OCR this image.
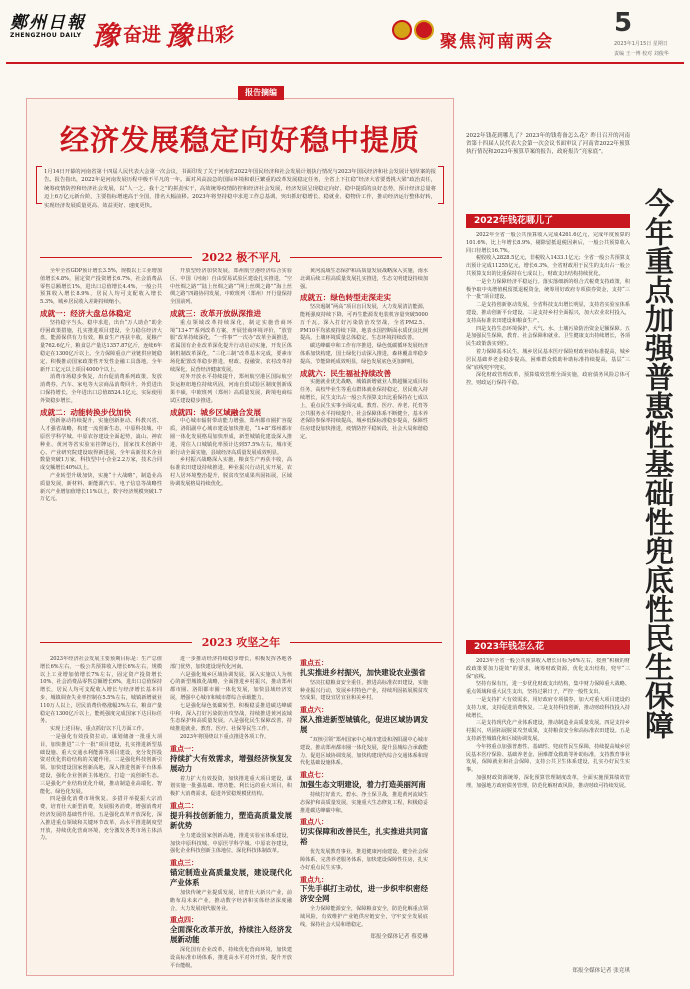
鄭州日報
ZHENGZHOU DAILY 豫 奋进 豫 出彩	聚焦河南两会
5
2023年1月15日 星期日
责编 王一博 校对 刘俊华
报告摘编
经济发展稳定向好稳中提质
1月14日开幕的河南省第十四届人民代表大会第一次会议，书面印发了关于河南省2022年国民经济和社会发展计划执行情况与2023年国民经济和社会发展计划草案的报告。报告指出，2022年是河南发展历程中极不平凡的一年。面对风高浪急的国际环境和艰巨繁重的改革发展稳定任务，全省上下扛稳“经济大省要勇挑大梁”政治责任，统筹疫情防控和经济社会发展，以“人一之、我十之”的拼劲实干，高效统筹疫情防控和经济社会发展，经济发展呈现稳定向好、稳中提质的良好态势，预计经济总量将迈上6万亿元新台阶，主要指标增速高于全国，排名大幅前移。2023年将坚持稳中求进工作总基调，突出抓好稳增长、稳就业、稳物价工作，推动经济运行整体好转，实现经济发展质量更高、效益更好、速度更快。
2022 极不平凡
全年全省GDP预计增长3.5%，规模以上工业增加值增长4.8%，固定资产投资增长6.7%，社会消费品零售总额增长1%，进出口总值增长4.4%，一般公共预算收入增长8.9%，居民人均可支配收入增长5.3%，城乡居民收入差距持续缩小。
成就一：经济大盘总体稳定
坚持稳字当头、稳中求进，出台“万人助企”助企纾困政策措施，扎实推进项目建设，全力稳住经济大盘。能源保供有力有效，粮食生产再获丰收，夏粮产量762.6亿斤，粮食总产量达1357.87亿斤，连续6年稳定在1300亿斤以上。全力保障重点产业链供应链稳定，积极推动国家政策性开发性金融工具落地，全年新开工亿元以上项目4000个以上。
消费市场稳步恢复，出台促消费系列政策，发放消费券，汽车、家电等大宗商品消费回升。外贸进出口保持增长，全年进出口总值8524.1亿元，实际使用外资稳步增长。
成就二：动能转换步伐加快
创新驱动持续提升，实施创新驱动、科教兴省、人才强省战略，构建一流创新生态，中原科技城、中原医学科学城、中原农谷建设全面起势，嵩山、神农种业、黄河等省实验室挂牌运行，国家技术创新中心、产业研究院建设取得新进展，全年高新技术企业数量突破1万家，科技型中小企业2.2万家，技术合同成交额增长40%以上。
产业转型升级加快，实施“十大战略”，制造业高质量发展，新材料、新能源汽车、电子信息等战略性新兴产业增加值增长11%以上，数字经济规模突破1.7万亿元。
开放型经济加快发展，郑州航空港经济综合实验区、中国（河南）自由贸易试验区建设扎实推进，“空中丝绸之路”“陆上丝绸之路”“网上丝绸之路”“海上丝绸之路”四路协同发展，中欧班列（郑州）开行量保持全国前列。
成就三：改革开放纵深推进
重点领域改革持续深化，制定实施营商环境“13+7”系列改革方案，开展营商环境评价，“放管服”改革持续深化，“一件事”“一次办”改革全面推进，省属国有企业改革深化提升行动启动实施，开发区体制机制改革深化，“三化三制”改革基本完成，要素市场化配置改革稳步推进，财政、投融资、农村改革持续深化，民营经济健康发展。
对外开放水平持续提升，郑州航空港区国际航空货运枢纽地位持续巩固，河南自贸试验区制度创新成果丰硕，中欧班列（郑州）高质量发展，跨境电商综试区建设稳步推进。
成就四：城乡区域融合发展
中心城市辐射带动能力增强，郑州都市圈扩容提质，洛阳副中心城市建设加快推进，“1+8”郑州都市圈一体化发展格局加快形成，新型城镇化建设深入推进，常住人口城镇化率预计达到57.5%左右，城市更新行动全面实施，县域经济高质量发展成效明显。
乡村振兴战略深入实施，粮食生产再获丰收，高标准农田建设持续推进，种业振兴行动扎实开展，农村人居环境整治提升，脱贫攻坚成果巩固拓展，区域协调发展格局持续优化。
黄河流域生态保护和高质量发展战略深入实施，南水北调后续工程高质量发展扎实推进，生态文明建设持续加强。
成就五：绿色转型走深走实
坚决遏制“两高”项目盲目发展，大力发展清洁能源，能耗强度持续下降，可再生能源发电装机容量突破5000万千瓦。深入打好污染防治攻坚战，全省PM2.5、PM10平均浓度持续下降，地表水国控断面水质优良比例提高，土壤环境质量总体稳定，生态环境持续改善。
碳达峰碳中和工作有序推进，绿色低碳循环发展经济体系加快构建，国土绿化行动深入推进，森林覆盖率稳步提高，节能降耗成效明显，绿色发展底色更加鲜明。
成就六：民生福祉持续改善
实施就业优先战略，城镇新增就业人数超额完成目标任务，高校毕业生等重点群体就业保持稳定，居民收入持续增长，民生支出占一般公共预算支出比重保持在七成以上，重点民生实事全面完成。教育、医疗、养老、托育等公共服务水平持续提升，社会保障体系不断健全，基本养老保险参保率持续提高，城乡低保标准稳步提高，保障性住房建设加快推进，疫情防控平稳转段，社会大局和谐稳定。
2023 攻坚之年
2023年经济社会发展主要预期目标是：生产总值增长6%左右，一般公共预算收入增长6%左右，规模以上工业增加值增长7%左右，固定资产投资增长10%，社会消费品零售总额增长6%，进出口总值保持增长，居民人均可支配收入增长与经济增长基本同步，城镇调查失业率控制在5.5%左右，城镇新增就业110万人以上，居民消费价格涨幅3%左右，粮食产量稳定在1300亿斤以上，能耗强度完成国家下达目标任务。
实现上述目标，重点抓好以下几方面工作。
一是强化有效投资拉动。谋划储备一批重大项目，加快推进“三个一批”项目建设，扎实推进新型基础设施、重大交通水利能源等项目建设，充分发挥投资对优化供给结构的关键作用。二是强化科技创新引领。加快建设国家创新高地，深入推进创新平台体系建设，强化企业创新主体地位，打造一流创新生态。三是强化产业结构优化升级，推动制造业高端化、智能化、绿色化发展。
四是强化消费市场恢复。多措并举提振大宗消费，培育壮大新型消费，发展服务消费，增强消费对经济发展的基础性作用。五是强化改革开放深化，深入推进重点领域和关键环节改革，高水平推进制度型开放，持续优化营商环境，充分激发各类市场主体活力。
进一步推动经济持续稳步增长，积极发挥各地各部门优势，加快建设现代化河南。
六是强化城乡区域协调发展。深入实施以人为核心的新型城镇化战略，全面推进乡村振兴，推动郑州都市圈、洛阳都市圈一体化发展，加快县域经济发展，增强中心城市和城市群综合承载能力。
七是强化绿色低碳转型。积极稳妥推进碳达峰碳中和，深入打好污染防治攻坚战，持续推进黄河流域生态保护和高质量发展。八是强化民生保障改善，持续推进就业、教育、医疗、社保等民生工作。
2023年将围绕以下重点推进各项工作。
重点一：
持续扩大有效需求，增强经济恢复发展动力
着力扩大有效投资，加快推进重大项目建设，谋划实施一批强基础、增功能、利长远的重大项目，积极扩大消费需求，促进外贸稳规模优结构。
重点二：
提升科技创新能力，塑造高质量发展新优势
全力建设国家创新高地，推进实验室体系建设，加快中原科技城、中原医学科学城、中原农谷建设，强化企业科技创新主体地位，深化科技体制改革。
重点三：
锚定制造业高质量发展，建设现代化产业体系
加快传统产业提质发展，培育壮大新兴产业，前瞻布局未来产业，推动数字经济和实体经济深度融合，大力发展现代服务业。
重点四：
全面深化改革开放，持续注入经济发展新动能
深化国有企业改革，持续优化营商环境，加快建设高标准市场体系，推进高水平对外开放，提升开放平台能级。
重点五：
扎实推进乡村振兴，加快建设农业强省
坚决扛稳粮食安全重任，推进高标准农田建设，实施种业振兴行动，发展乡村特色产业，持续巩固拓展脱贫攻坚成果，建设宜居宜业和美乡村。
重点六：
深入推进新型城镇化，促进区域协调发展
“双核引领”郑州国家中心城市建设和洛阳副中心城市建设，推动郑州都市圈一体化发展，提升县城综合承载能力，促进区域协调发展，加快构建现代综合交通体系和现代化基础设施体系。
重点七：
加强生态文明建设，着力打造美丽河南
持续打好蓝天、碧水、净土保卫战，推进黄河流域生态保护和高质量发展，实施重大生态修复工程，积极稳妥推进碳达峰碳中和。
重点八：
切实保障和改善民生，扎实推进共同富裕
优先发展教育事业，推进健康河南建设，健全社会保障体系，完善养老服务体系，加快建设保障性住房，扎实办好重点民生实事。
重点九：
下先手棋打主动仗，进一步织牢织密经济安全网
全力保障能源安全，保障粮食安全，防范化解重点领域风险，有效维护产业链供应链安全，守牢安全发展底线，保持社会大局和谐稳定。
郑报全媒体记者 蔡爱琳
今年重点加强普惠性基础性兜底性民生保障
2022年钱花到哪儿了？2023年的钱将备怎么花？昨日召开的河南省第十四届人民代表大会第一次会议书面审议了河南省2022年预算执行情况和2023年预算草案的报告，政府报告“亮家底”。
2022年钱花哪儿了
2022年全省一般公共预算收入完成4261.6亿元，完成年度预算的101.6%，比上年增长8.9%，剔除留抵退税因素后，一般公共预算收入同口径增长16.7%。
税收收入2828.5亿元，非税收入1433.1亿元；全省一般公共预算支出预计完成11255亿元，增长6.3%，全省财政用于民生的支出占一般公共预算支出的比重保持在七成以上，财政支出结构持续优化。
一是全力保障经济平稳运行。落实落细新的组合式税费支持政策，积极争取中央增值税留抵退税资金，统筹用好政府专项债券资金，支持“三个一批”项目建设。
二是支持创新驱动发展。全省科技支出增长明显，支持省实验室体系建设，推动创新平台建设。三是支持乡村全面振兴，加大农业农村投入，支持高标准农田建设和粮食生产。
四是支持生态环境保护，大气、水、土壤污染防治资金足额保障。五是加强民生保障，教育、社会保障和就业、卫生健康支出持续增长，各项民生政策落实到位。
着力保障基本民生，城乡居民基本医疗保险财政补助标准提高，城乡居民基础养老金稳步提高，困难群众救助补助标准持续提高，基层“三保”底线兜牢兜实。
深化财政管理改革，预算绩效管理全面实施，政府债务风险总体可控，财政运行保持平稳。
2023年钱怎么花
2023年全省一般公共预算收入增长目标为6%左右，按照“积极的财政政策要加力提效”的要求，统筹财政资源，优化支出结构，兜牢“三保”底线。
坚持有保有压，进一步优化财政支出结构，集中财力保障重大战略、重点领域和重大民生支出，坚持过紧日子，严控一般性支出。
一是支持扩大有效需求，用好政府专项债券，加大对重大项目建设的支持力度，支持促进消费恢复。二是支持科技创新，推动财政科技投入持续增长。
三是支持现代化产业体系建设，推动制造业高质量发展。四是支持乡村振兴，巩固拓展脱贫攻坚成果，支持粮食安全和高标准农田建设。五是支持新型城镇化和区域协调发展。
今年将重点加强普惠性、基础性、兜底性民生保障，持续提高城乡居民基本医疗保险、基础养老金、困难群众救助等补助标准，支持教育事业发展，保障就业和社会保障，支持公共卫生体系建设，扎实办好民生实事。
加强财政资源统筹，深化预算管理制度改革，全面实施预算绩效管理，加强地方政府债务管理，防范化解财政风险，推动财政可持续发展。
郑报全媒体记者 张竞琪
